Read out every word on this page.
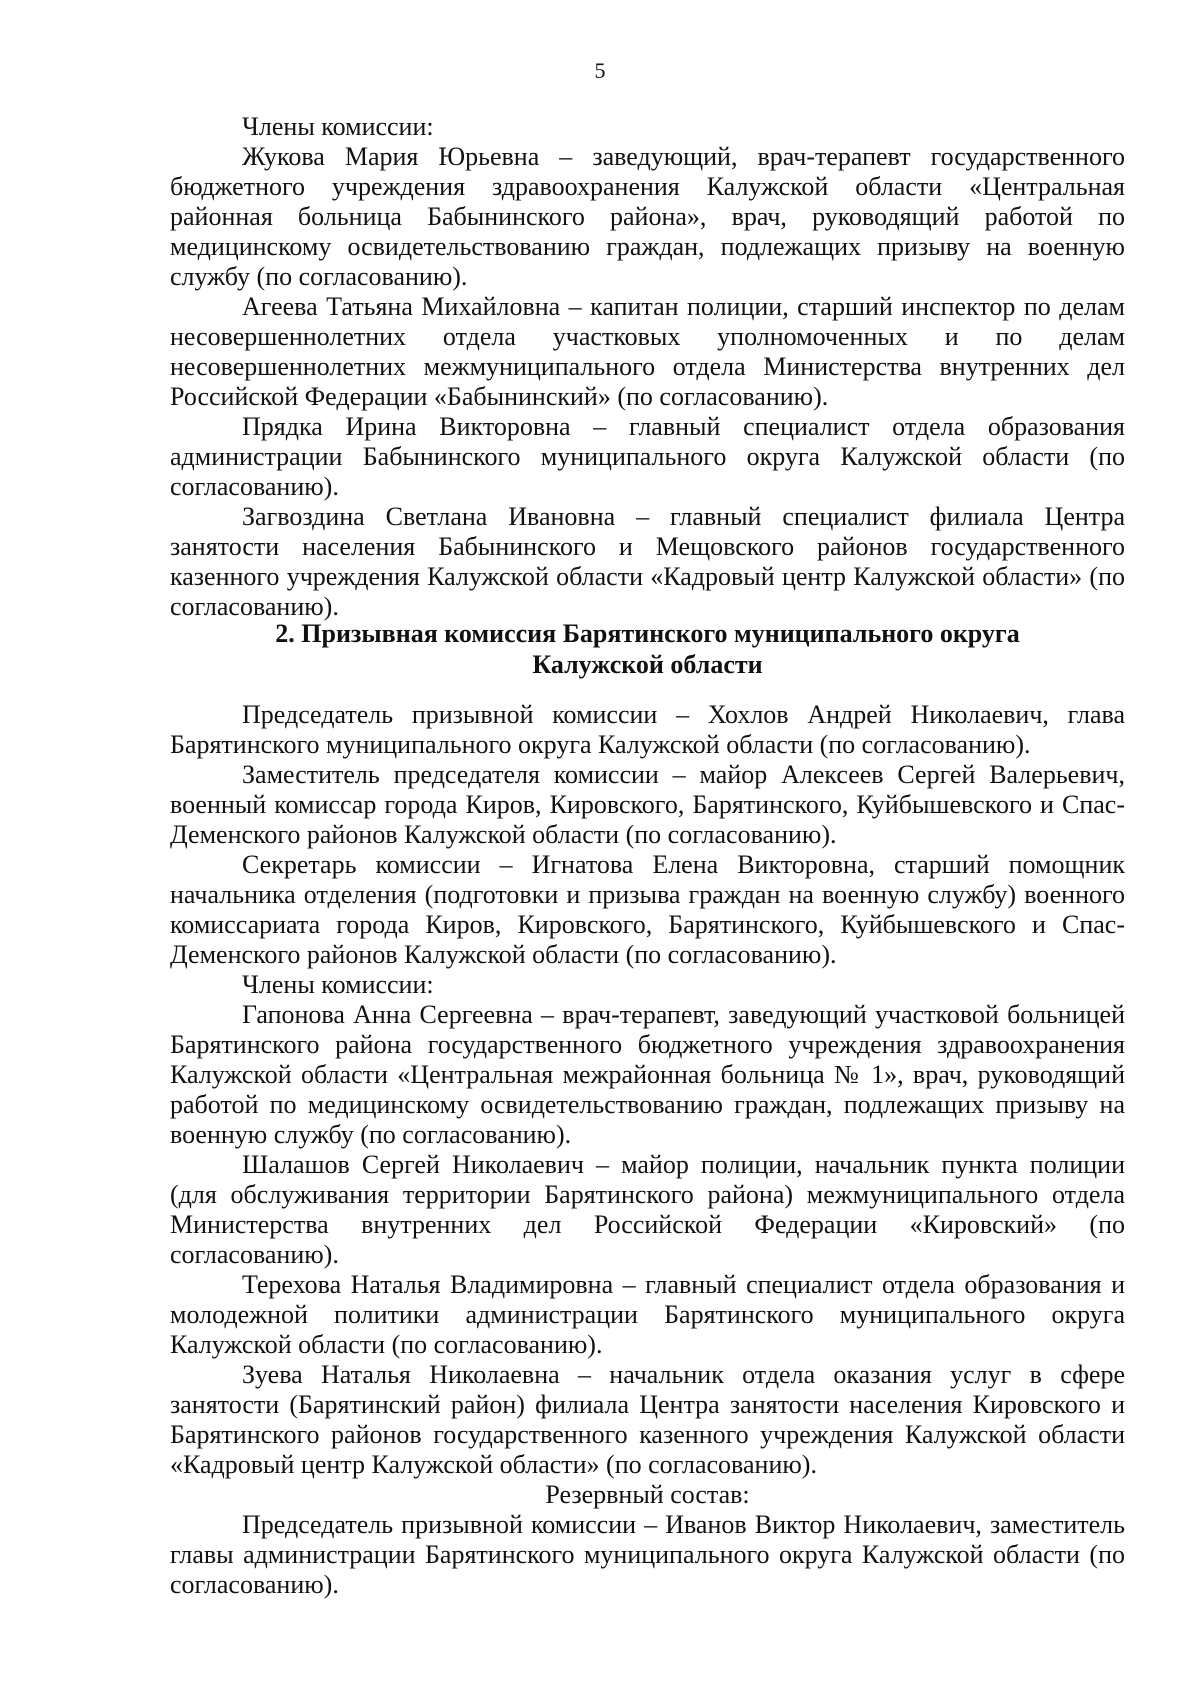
5

Члены комиссии:

Жукова Мария Юрьевна – заведующий, врач-терапевт государственного бюджетного учреждения здравоохранения Калужской области «Центральная районная больница Бабынинского района», врач, руководящий работой по медицинскому освидетельствованию граждан, подлежащих призыву на военную службу (по согласованию).

Агеева Татьяна Михайловна – капитан полиции, старший инспектор по делам несовершеннолетних отдела участковых уполномоченных и по делам несовершеннолетних межмуниципального отдела Министерства внутренних дел Российской Федерации «Бабынинский» (по согласованию).

Прядка Ирина Викторовна – главный специалист отдела образования администрации Бабынинского муниципального округа Калужской области (по согласованию).

Загвоздина Светлана Ивановна – главный специалист филиала Центра занятости населения Бабынинского и Мещовского районов государственного казенного учреждения Калужской области «Кадровый центр Калужской области» (по согласованию).

2. Призывная комиссия Барятинского муниципального округа
Калужской области

Председатель призывной комиссии – Хохлов Андрей Николаевич, глава Барятинского муниципального округа Калужской области (по согласованию).

Заместитель председателя комиссии – майор Алексеев Сергей Валерьевич, военный комиссар города Киров, Кировского, Барятинского, Куйбышевского и Спас-Деменского районов Калужской области (по согласованию).

Секретарь комиссии – Игнатова Елена Викторовна, старший помощник начальника отделения (подготовки и призыва граждан на военную службу) военного комиссариата города Киров, Кировского, Барятинского, Куйбышевского и Спас-Деменского районов Калужской области (по согласованию).

Члены комиссии:

Гапонова Анна Сергеевна – врач-терапевт, заведующий участковой больницей Барятинского района государственного бюджетного учреждения здравоохранения Калужской области «Центральная межрайонная больница № 1», врач, руководящий работой по медицинскому освидетельствованию граждан, подлежащих призыву на военную службу (по согласованию).

Шалашов Сергей Николаевич – майор полиции, начальник пункта полиции (для обслуживания территории Барятинского района) межмуниципального отдела Министерства внутренних дел Российской Федерации «Кировский» (по согласованию).

Терехова Наталья Владимировна – главный специалист отдела образования и молодежной политики администрации Барятинского муниципального округа Калужской области (по согласованию).

Зуева Наталья Николаевна – начальник отдела оказания услуг в сфере занятости (Барятинский район) филиала Центра занятости населения Кировского и Барятинского районов государственного казенного учреждения Калужской области «Кадровый центр Калужской области» (по согласованию).

Резервный состав:

Председатель призывной комиссии – Иванов Виктор Николаевич, заместитель главы администрации Барятинского муниципального округа Калужской области (по согласованию).
